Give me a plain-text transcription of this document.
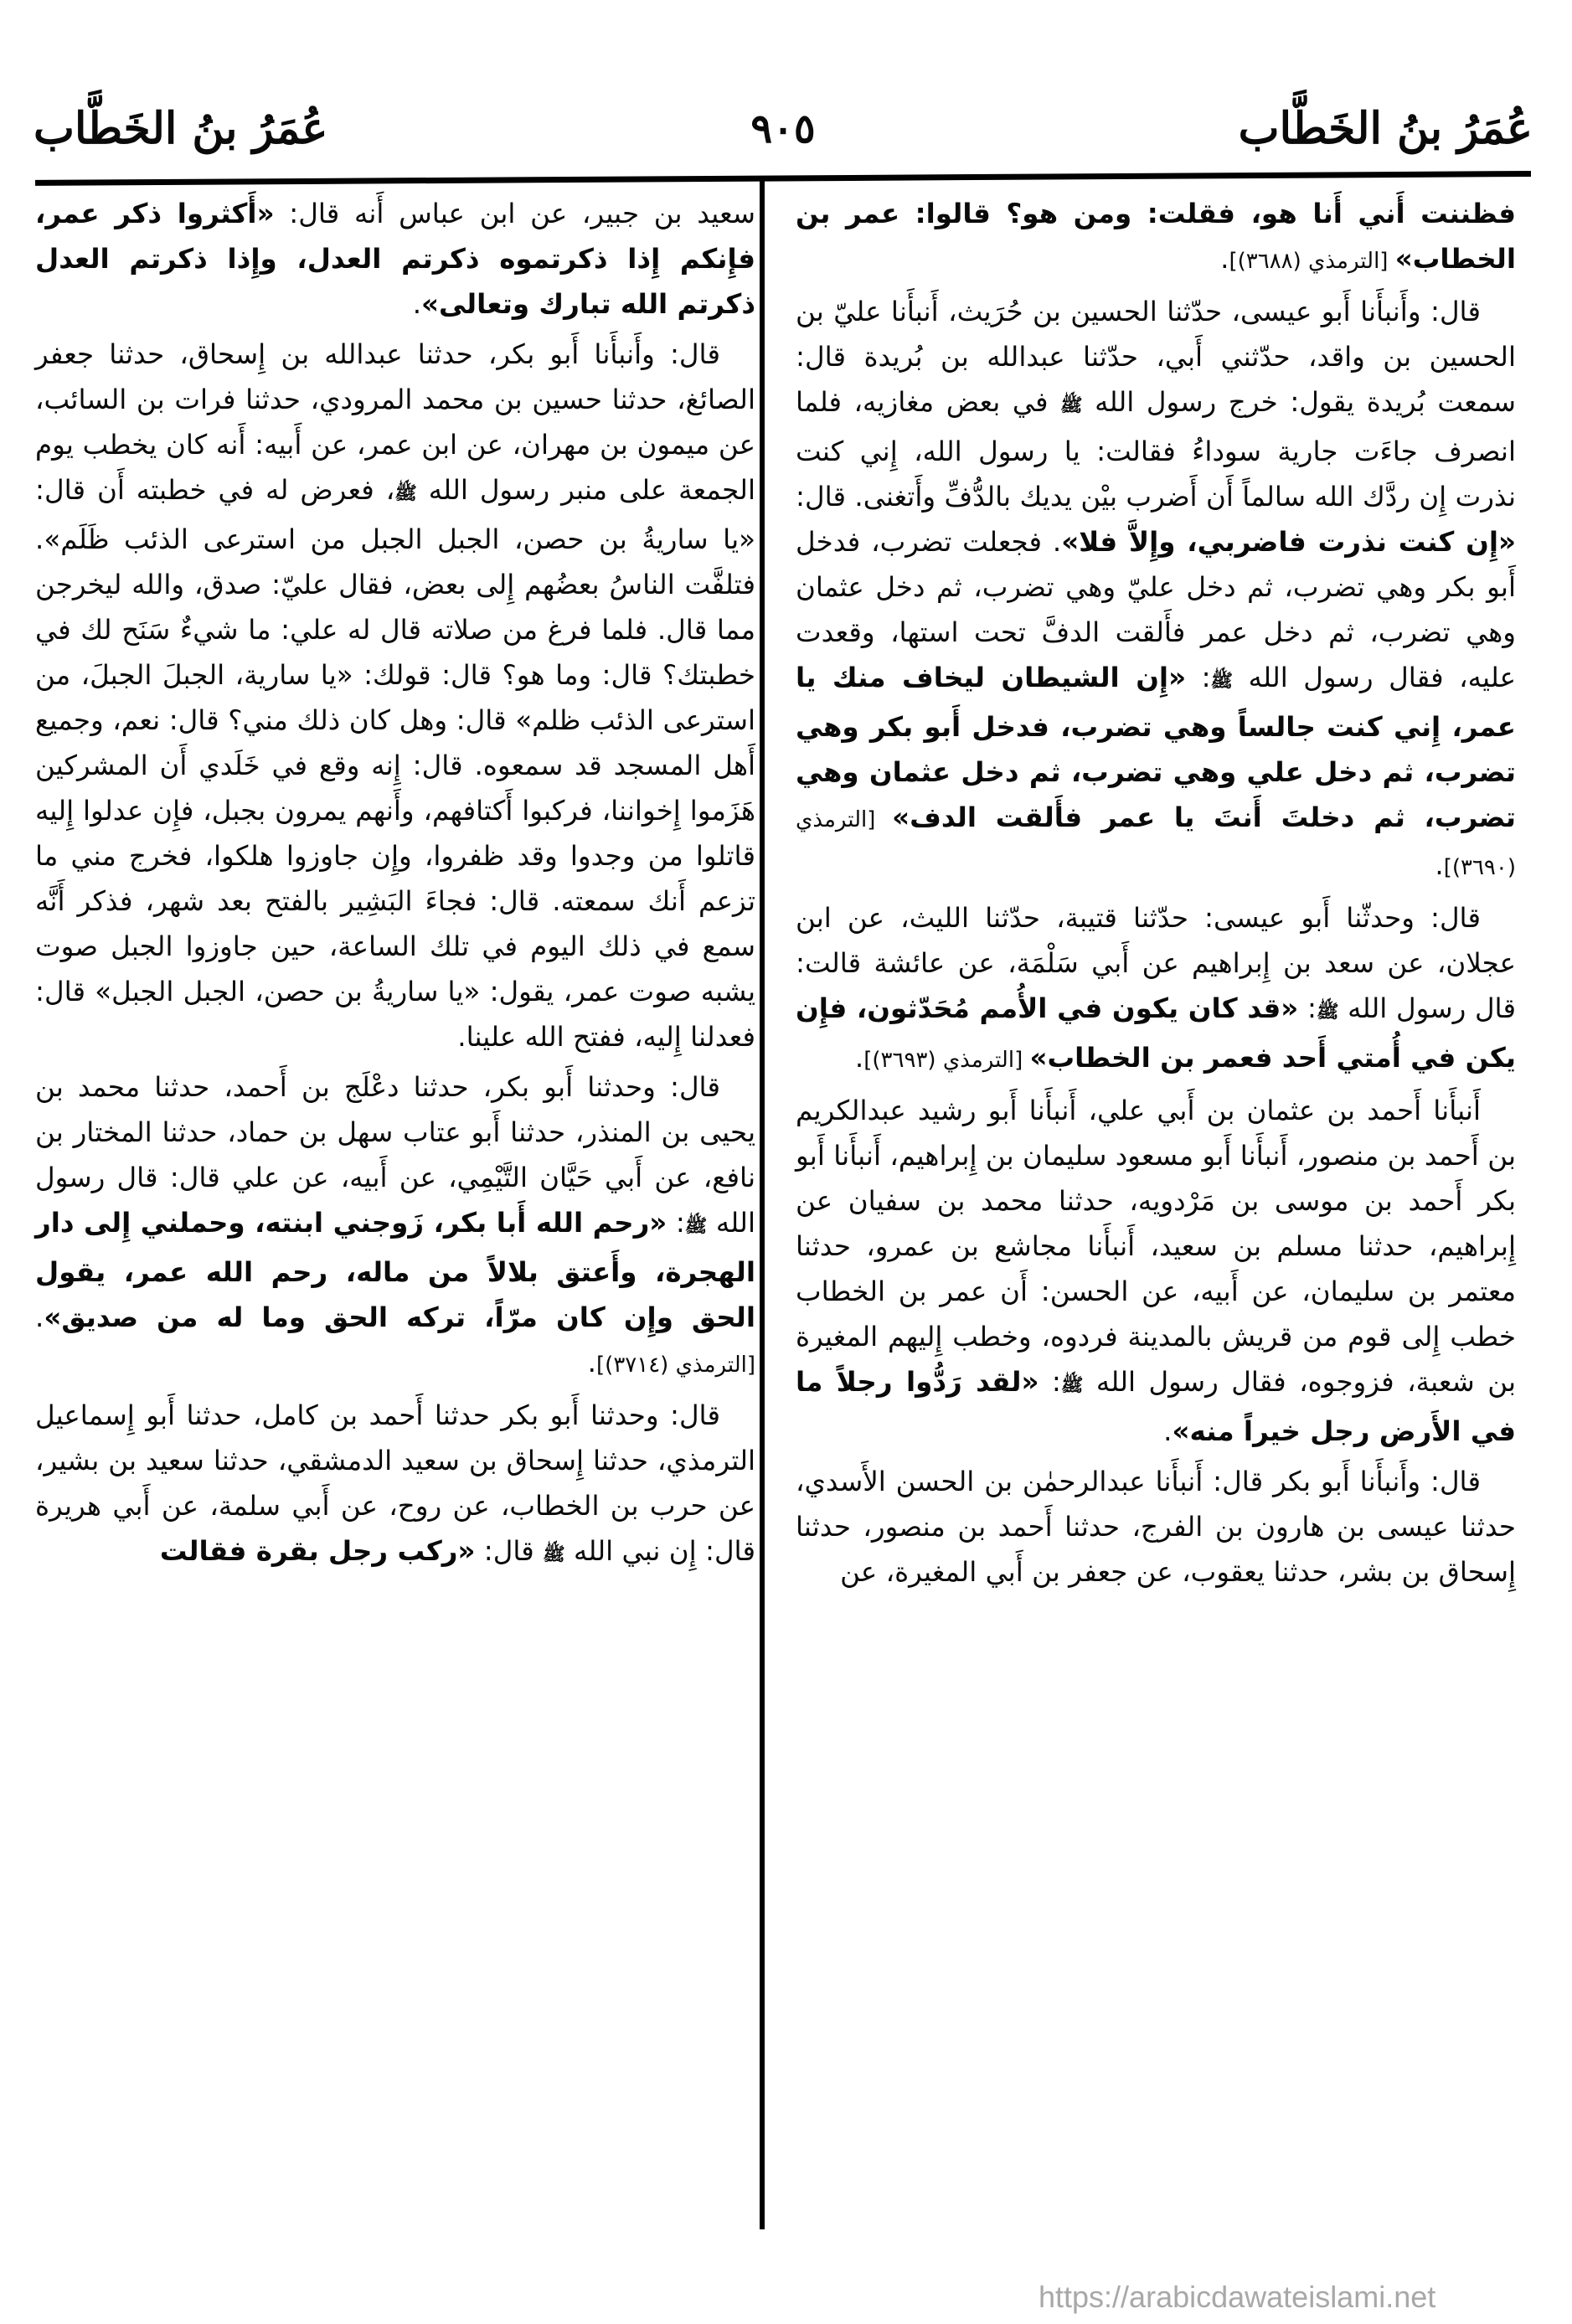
عُمَرُ بنُ الخَطَّاب
٩٠٥
عُمَرُ بنُ الخَطَّاب

فظننت أَني أَنا هو، فقلت: ومن هو؟ قالوا: عمر بن الخطاب» [الترمذي (٣٦٨٨)].

قال: وأَنبأَنا أَبو عيسى، حدّثنا الحسين بن حُرَيث، أَنبأَنا عليّ بن الحسين بن واقد، حدّثني أَبي، حدّثنا عبدالله بن بُريدة قال: سمعت بُريدة يقول: خرج رسول الله ﷺ في بعض مغازيه، فلما انصرف جاءَت جارية سوداءُ فقالت: يا رسول الله، إِني كنت نذرت إِن ردَّك الله سالماً أَن أَضرب بيْن يديك بالدُّفِّ وأَتغنى. قال: «إِن كنت نذرت فاضربي، وإِلاَّ فلا». فجعلت تضرب، فدخل أَبو بكر وهي تضرب، ثم دخل عليّ وهي تضرب، ثم دخل عثمان وهي تضرب، ثم دخل عمر فأَلقت الدفَّ تحت استها، وقعدت عليه، فقال رسول الله ﷺ: «إِن الشيطان ليخاف منك يا عمر، إِني كنت جالساً وهي تضرب، فدخل أَبو بكر وهي تضرب، ثم دخل علي وهي تضرب، ثم دخل عثمان وهي تضرب، ثم دخلتَ أَنتَ يا عمر فأَلقت الدف» [الترمذي (٣٦٩٠)].

قال: وحدثّنا أَبو عيسى: حدّثنا قتيبة، حدّثنا الليث، عن ابن عجلان، عن سعد بن إِبراهيم عن أَبي سَلْمَة، عن عائشة قالت: قال رسول الله ﷺ: «قد كان يكون في الأُمم مُحَدّثون، فإِن يكن في أُمتي أَحد فعمر بن الخطاب» [الترمذي (٣٦٩٣)].

أَنبأَنا أَحمد بن عثمان بن أَبي علي، أَنبأَنا أَبو رشيد عبدالكريم بن أَحمد بن منصور، أَنبأَنا أَبو مسعود سليمان بن إِبراهيم، أَنبأَنا أَبو بكر أَحمد بن موسى بن مَرْدويه، حدثنا محمد بن سفيان عن إِبراهيم، حدثنا مسلم بن سعيد، أَنبأَنا مجاشع بن عمرو، حدثنا معتمر بن سليمان، عن أَبيه، عن الحسن: أَن عمر بن الخطاب خطب إِلى قوم من قريش بالمدينة فردوه، وخطب إِليهم المغيرة بن شعبة، فزوجوه، فقال رسول الله ﷺ: «لقد رَدُّوا رجلاً ما في الأَرض رجل خيراً منه».

قال: وأَنبأَنا أَبو بكر قال: أَنبأَنا عبدالرحمٰن بن الحسن الأَسدي، حدثنا عيسى بن هارون بن الفرج، حدثنا أَحمد بن منصور، حدثنا إِسحاق بن بشر، حدثنا يعقوب، عن جعفر بن أَبي المغيرة، عن

سعيد بن جبير، عن ابن عباس أَنه قال: «أَكثروا ذكر عمر، فإِنكم إِذا ذكرتموه ذكرتم العدل، وإِذا ذكرتم العدل ذكرتم الله تبارك وتعالى».

قال: وأَنبأَنا أَبو بكر، حدثنا عبدالله بن إِسحاق، حدثنا جعفر الصائغ، حدثنا حسين بن محمد المرودي، حدثنا فرات بن السائب، عن ميمون بن مهران، عن ابن عمر، عن أَبيه: أَنه كان يخطب يوم الجمعة على منبر رسول الله ﷺ، فعرض له في خطبته أَن قال: «يا ساريةُ بن حصن، الجبل الجبل من استرعى الذئب ظَلَم». فتلفَّت الناسُ بعضُهم إِلى بعض، فقال عليّ: صدق، والله ليخرجن مما قال. فلما فرغ من صلاته قال له علي: ما شيءٌ سَنَح لك في خطبتك؟ قال: وما هو؟ قال: قولك: «يا سارية، الجبلَ الجبلَ، من استرعى الذئب ظلم» قال: وهل كان ذلك مني؟ قال: نعم، وجميع أَهل المسجد قد سمعوه. قال: إِنه وقع في خَلَدي أَن المشركين هَزَموا إِخواننا، فركبوا أَكتافهم، وأَنهم يمرون بجبل، فإِن عدلوا إِليه قاتلوا من وجدوا وقد ظفروا، وإِن جاوزوا هلكوا، فخرج مني ما تزعم أَنك سمعته. قال: فجاءَ البَشِير بالفتح بعد شهر، فذكر أَنَّه سمع في ذلك اليوم في تلك الساعة، حين جاوزوا الجبل صوت يشبه صوت عمر، يقول: «يا ساريةُ بن حصن، الجبل الجبل» قال: فعدلنا إِليه، ففتح الله علينا.

قال: وحدثنا أَبو بكر، حدثنا دعْلَج بن أَحمد، حدثنا محمد بن يحيى بن المنذر، حدثنا أَبو عتاب سهل بن حماد، حدثنا المختار بن نافع، عن أَبي حَيَّان التَّيْمِي، عن أَبيه، عن علي قال: قال رسول الله ﷺ: «رحم الله أَبا بكر، زَوجني ابنته، وحملني إِلى دار الهجرة، وأَعتق بلالاً من ماله، رحم الله عمر، يقول الحق وإِن كان مرّاً، تركه الحق وما له من صديق». [الترمذي (٣٧١٤)].

قال: وحدثنا أَبو بكر حدثنا أَحمد بن كامل، حدثنا أَبو إِسماعيل الترمذي، حدثنا إِسحاق بن سعيد الدمشقي، حدثنا سعيد بن بشير، عن حرب بن الخطاب، عن روح، عن أَبي سلمة، عن أَبي هريرة قال: إِن نبي الله ﷺ قال: «ركب رجل بقرة فقالت

https://arabicdawateislami.net
